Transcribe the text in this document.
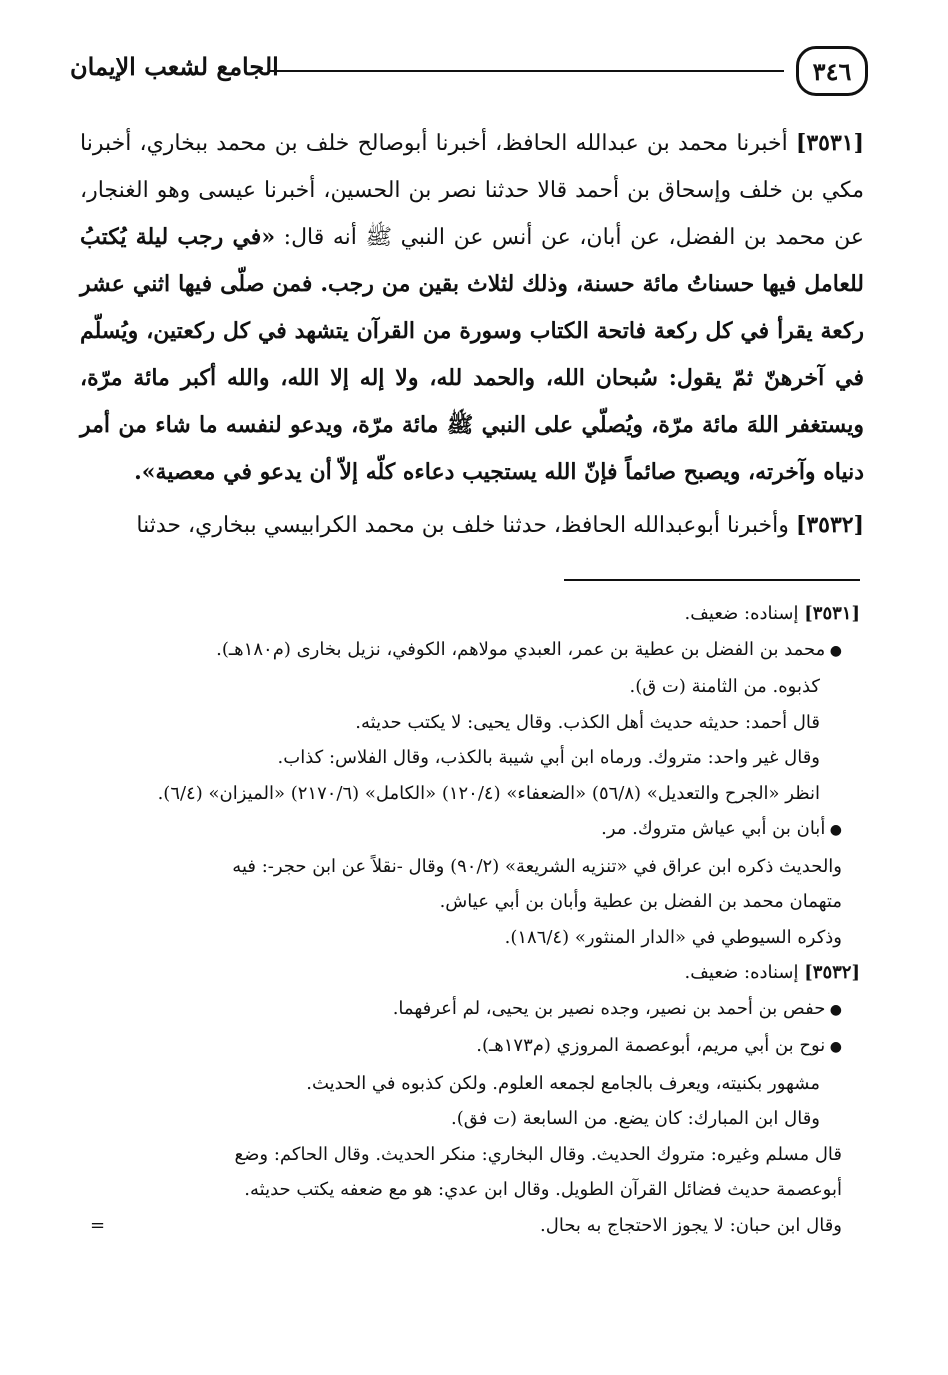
٣٤٦
الجامع لشعب الإيمان

[٣٥٣١] أخبرنا محمد بن عبدالله الحافظ، أخبرنا أبوصالح خلف بن محمد ببخاري، أخبرنا مكي بن خلف وإسحاق بن أحمد قالا حدثنا نصر بن الحسين، أخبرنا عيسى وهو الغنجار، عن محمد بن الفضل، عن أبان، عن أنس عن النبي ﷺ أنه قال: «في رجب ليلة يُكتبُ للعامل فيها حسناتُ مائة حسنة، وذلك لثلاث بقين من رجب. فمن صلّى فيها اثني عشر ركعة يقرأ في كل ركعة فاتحة الكتاب وسورة من القرآن يتشهد في كل ركعتين، ويُسلّم في آخرهنّ ثمّ يقول: سُبحان الله، والحمد لله، ولا إله إلا الله، والله أكبر مائة مرّة، ويستغفر اللهَ مائة مرّة، ويُصلّي على النبي ﷺ مائة مرّة، ويدعو لنفسه ما شاء من أمر دنياه وآخرته، ويصبح صائماً فإنّ الله يستجيب دعاءه كلّه إلاّ أن يدعو في معصية».

[٣٥٣٢] وأخبرنا أبوعبدالله الحافظ، حدثنا خلف بن محمد الكرابيسي ببخاري، حدثنا

[٣٥٣١] إسناده: ضعيف.

● محمد بن الفضل بن عطية بن عمر، العبدي مولاهم، الكوفي، نزيل بخارى (م١٨٠هـ).

كذبوه. من الثامنة (ت ق).

قال أحمد: حديثه حديث أهل الكذب. وقال يحيى: لا يكتب حديثه.

وقال غير واحد: متروك. ورماه ابن أبي شيبة بالكذب، وقال الفلاس: كذاب.

انظر «الجرح والتعديل» (٥٦/٨) «الضعفاء» (١٢٠/٤) «الكامل» (٢١٧٠/٦) «الميزان» (٦/٤).

● أبان بن أبي عياش متروك. مر.

والحديث ذكره ابن عراق في «تنزيه الشريعة» (٩٠/٢) وقال -نقلاً عن ابن حجر-: فيه

متهمان محمد بن الفضل بن عطية وأبان بن أبي عياش.

وذكره السيوطي في «الدار المنثور» (١٨٦/٤).

[٣٥٣٢] إسناده: ضعيف.

● حفص بن أحمد بن نصير، وجده نصير بن يحيى، لم أعرفهما.

● نوح بن أبي مريم، أبوعصمة المروزي (م١٧٣هـ).

مشهور بكنيته، ويعرف بالجامع لجمعه العلوم. ولكن كذبوه في الحديث.

وقال ابن المبارك: كان يضع. من السابعة (ت فق).

قال مسلم وغيره: متروك الحديث. وقال البخاري: منكر الحديث. وقال الحاكم: وضع

أبوعصمة حديث فضائل القرآن الطويل. وقال ابن عدي: هو مع ضعفه يكتب حديثه.

وقال ابن حبان: لا يجوز الاحتجاج به بحال.
=
